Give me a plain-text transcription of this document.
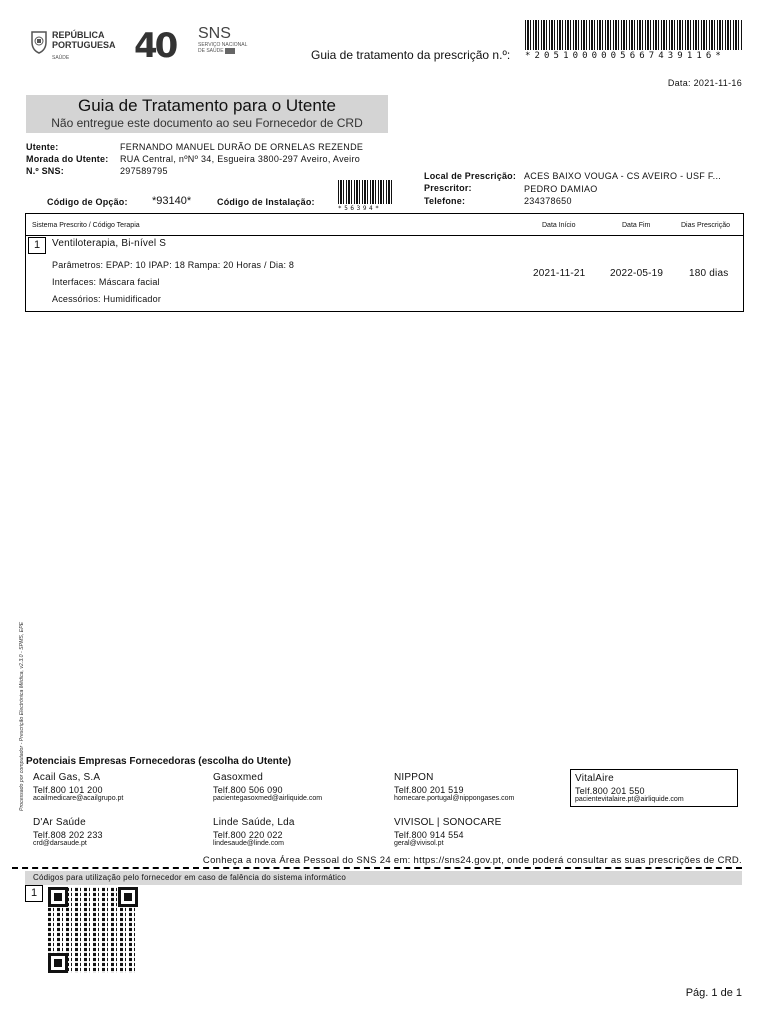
REPÚBLICA
PORTUGUESA
SAÚDE 40 SNS
SERVIÇO NACIONAL
DE SAÚDE	*2051000005667439116*
Guia de tratamento da prescrição n.º:
Data: 2021-11-16
Guia de Tratamento para o Utente
Não entregue este documento ao seu Fornecedor de CRD
Utente:	FERNANDO MANUEL DURÃO DE ORNELAS REZENDE
Morada do Utente: RUA Central, nºNº 34, Esgueira 3800-297 Aveiro, Aveiro
N.º SNS:	297589795	Local de Prescrição: ACES BAIXO VOUGA - CS AVEIRO - USF F...
Prescritor:	PEDRO DAMIAO
Telefone:	234378650
Código de Opção: *93140*	Código de Instalação:
*56394*
Sistema Prescrito / Código Terapia	Data Início	Data Fim	Dias Prescrição
1	Ventiloterapia, Bi-nível S
Parâmetros: EPAP: 10 IPAP: 18 Rampa: 20 Horas / Dia: 8
Interfaces: Máscara facial
Acessórios: Humidificador
2021-11-21 2022-05-19	180 dias
Processado por computador - Prescrição Electrónica Médica, v2.3.0 - SPMS, EPE Potenciais Empresas Fornecedoras (escolha do Utente)
Acail Gas, S.A
Telf.800 101 200
acailmedicare@acailgrupo.pt
Gasoxmed
Telf.800 506 090
pacientegasoxmed@airliquide.com
NIPPON
Telf.800 201 519
homecare.portugal@nippongases.com
VitalAire
Telf.800 201 550
pacientevitalaire.pt@airliquide.com
D'Ar Saúde
Telf.808 202 233
crd@darsaude.pt
Linde Saúde, Lda
Telf.800 220 022
lindesaude@linde.com
VIVISOL | SONOCARE
Telf.800 914 554
geral@vivisol.pt
Conheça a nova Área Pessoal do SNS 24 em: https://sns24.gov.pt, onde poderá consultar as suas prescrições de CRD.
Códigos para utilização pelo fornecedor em caso de falência do sistema informático
1
Pág. 1 de 1
